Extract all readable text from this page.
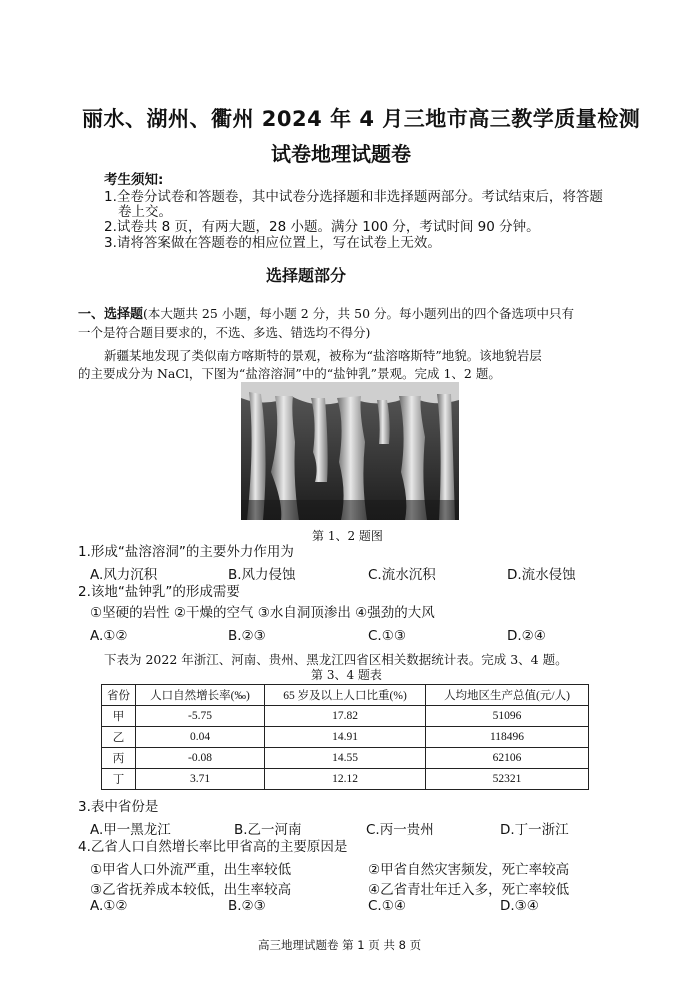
丽水、湖州、衢州 2024 年 4 月三地市高三教学质量检测
试卷地理试题卷
考生须知:
1.全卷分试卷和答题卷，其中试卷分选择题和非选择题两部分。考试结束后，将答题
卷上交。
2.试卷共 8 页，有两大题，28 小题。满分 100 分，考试时间 90 分钟。
3.请将答案做在答题卷的相应位置上，写在试卷上无效。
选择题部分
一、选择题(本大题共 25 小题，每小题 2 分，共 50 分。每小题列出的四个备选项中只有
一个是符合题目要求的，不选、多选、错选均不得分)
新疆某地发现了类似南方喀斯特的景观，被称为“盐溶喀斯特”地貌。该地貌岩层
的主要成分为 NaCl，下图为“盐溶溶洞”中的“盐钟乳”景观。完成 1、2 题。
第 1、2 题图
1.形成“盐溶溶洞”的主要外力作用为
A.风力沉积	B.风力侵蚀	C.流水沉积	D.流水侵蚀
2.该地“盐钟乳”的形成需要
①坚硬的岩性 ②干燥的空气 ③水自洞顶渗出 ④强劲的大风
A.①②	B.②③	C.①③	D.②④
下表为 2022 年浙江、河南、贵州、黑龙江四省区相关数据统计表。完成 3、4 题。
第 3、4 题表
省份	人口自然增长率(‰)	65 岁及以上人口比重(%)	人均地区生产总值(元/人)
甲	-5.75	17.82	51096
乙	0.04	14.91	118496
丙	-0.08	14.55	62106
丁	3.71	12.12	52321
3.表中省份是
A.甲一黑龙江	B.乙一河南	C.丙一贵州	D.丁一浙江
4.乙省人口自然增长率比甲省高的主要原因是
①甲省人口外流严重，出生率较低	②甲省自然灾害频发，死亡率较高
③乙省抚养成本较低，出生率较高	④乙省青壮年迁入多，死亡率较低
A.①②	B.②③	C.①④	D.③④
高三地理试题卷 第 1 页 共 8 页
